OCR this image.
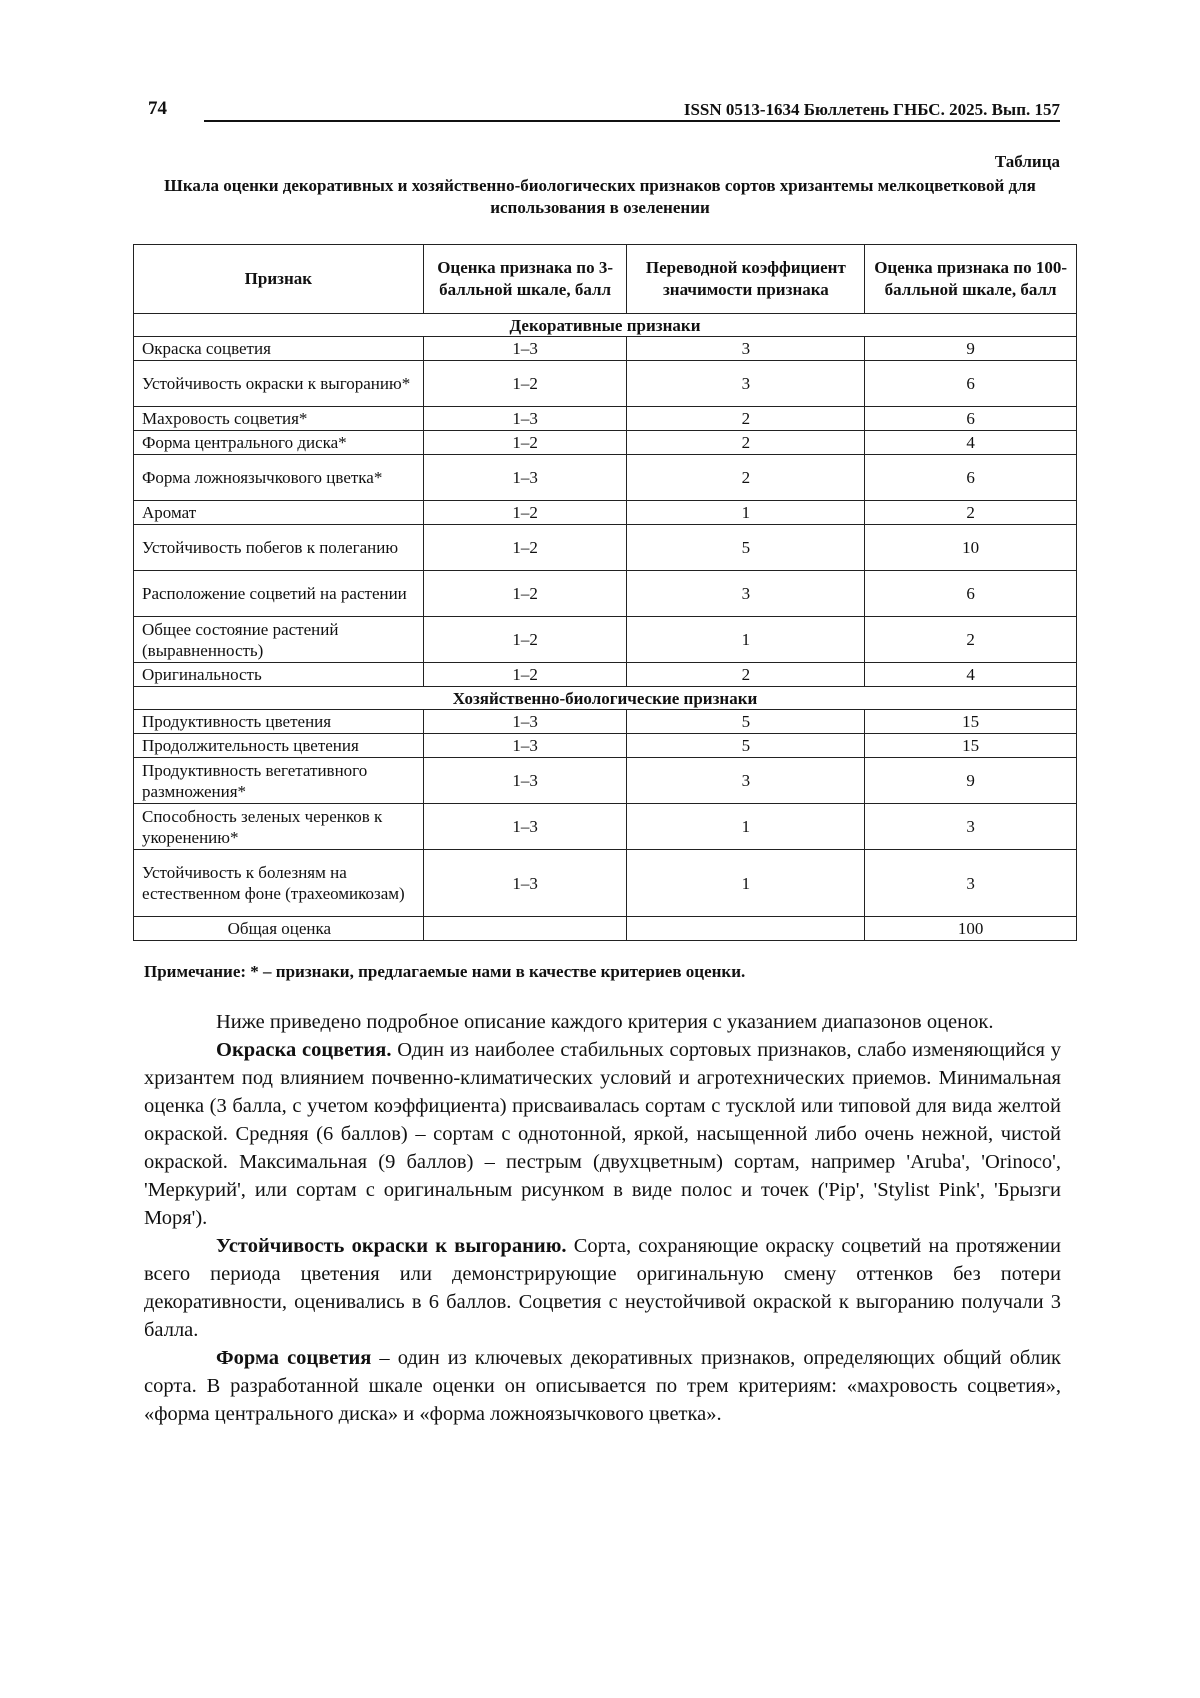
74	ISSN 0513-1634 Бюллетень ГНБС. 2025. Вып. 157
Таблица
Шкала оценки декоративных и хозяйственно-биологических признаков сортов хризантемы мелкоцветковой для использования в озеленении
Признак	Оценка признака по 3-балльной шкале, балл	Переводной коэффициент значимости признака	Оценка признака по 100-балльной шкале, балл
Декоративные признаки			
Окраска соцветия	1–3	3	9
Устойчивость окраски к выгоранию*	1–2	3	6
Махровость соцветия*	1–3	2	6
Форма центрального диска*	1–2	2	4
Форма ложноязычкового цветка*	1–3	2	6
Аромат	1–2	1	2
Устойчивость побегов к полеганию	1–2	5	10
Расположение соцветий на растении	1–2	3	6
Общее состояние растений (выравненность)	1–2	1	2
Оригинальность	1–2	2	4
Хозяйственно-биологические признаки			
Продуктивность цветения	1–3	5	15
Продолжительность цветения	1–3	5	15
Продуктивность вегетативного размножения*	1–3	3	9
Способность зеленых черенков к укоренению*	1–3	1	3
Устойчивость к болезням на естественном фоне (трахеомикозам)	1–3	1	3
Общая оценка			100
Примечание: * – признаки, предлагаемые нами в качестве критериев оценки.

Ниже приведено подробное описание каждого критерия с указанием диапазонов оценок.

Окраска соцветия. Один из наиболее стабильных сортовых признаков, слабо изменяющийся у хризантем под влиянием почвенно-климатических условий и агротехнических приемов. Минимальная оценка (3 балла, с учетом коэффициента) присваивалась сортам с тусклой или типовой для вида желтой окраской. Средняя (6 баллов) – сортам с однотонной, яркой, насыщенной либо очень нежной, чистой окраской. Максимальная (9 баллов) – пестрым (двухцветным) сортам, например 'Aruba', 'Orinoco', 'Меркурий', или сортам с оригинальным рисунком в виде полос и точек ('Pip', 'Stylist Pink', 'Брызги Моря').

Устойчивость окраски к выгоранию. Сорта, сохраняющие окраску соцветий на протяжении всего периода цветения или демонстрирующие оригинальную смену оттенков без потери декоративности, оценивались в 6 баллов. Соцветия с неустойчивой окраской к выгоранию получали 3 балла.

Форма соцветия – один из ключевых декоративных признаков, определяющих общий облик сорта. В разработанной шкале оценки он описывается по трем критериям: «махровость соцветия», «форма центрального диска» и «форма ложноязычкового цветка».
